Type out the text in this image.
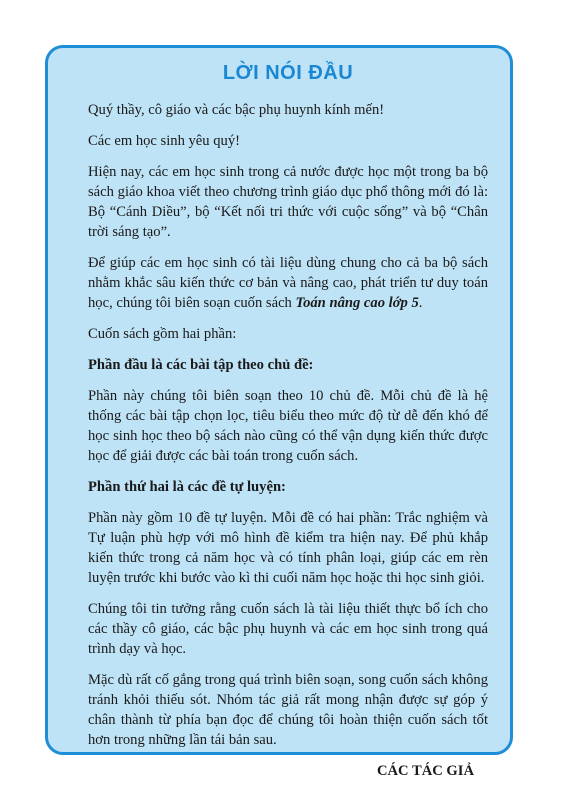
LỜI NÓI ĐẦU

Quý thầy, cô giáo và các bậc phụ huynh kính mến!

Các em học sinh yêu quý!

Hiện nay, các em học sinh trong cả nước được học một trong ba bộ sách giáo khoa viết theo chương trình giáo dục phổ thông mới đó là: Bộ “Cánh Diều”, bộ “Kết nối tri thức với cuộc sống” và bộ “Chân trời sáng tạo”.

Để giúp các em học sinh có tài liệu dùng chung cho cả ba bộ sách nhằm khắc sâu kiến thức cơ bản và nâng cao, phát triển tư duy toán học, chúng tôi biên soạn cuốn sách Toán nâng cao lớp 5.

Cuốn sách gồm hai phần:

Phần đầu là các bài tập theo chủ đề:

Phần này chúng tôi biên soạn theo 10 chủ đề. Mỗi chủ đề là hệ thống các bài tập chọn lọc, tiêu biểu theo mức độ từ dễ đến khó để học sinh học theo bộ sách nào cũng có thể vận dụng kiến thức được học để giải được các bài toán trong cuốn sách.

Phần thứ hai là các đề tự luyện:

Phần này gồm 10 đề tự luyện. Mỗi đề có hai phần: Trắc nghiệm và Tự luận phù hợp với mô hình đề kiểm tra hiện nay. Để phủ khắp kiến thức trong cả năm học và có tính phân loại, giúp các em rèn luyện trước khi bước vào kì thi cuối năm học hoặc thi học sinh giỏi.

Chúng tôi tin tưởng rằng cuốn sách là tài liệu thiết thực bổ ích cho các thầy cô giáo, các bậc phụ huynh và các em học sinh trong quá trình dạy và học.

Mặc dù rất cố gắng trong quá trình biên soạn, song cuốn sách không tránh khỏi thiếu sót. Nhóm tác giả rất mong nhận được sự góp ý chân thành từ phía bạn đọc để chúng tôi hoàn thiện cuốn sách tốt hơn trong những lần tái bản sau.

CÁC TÁC GIẢ
